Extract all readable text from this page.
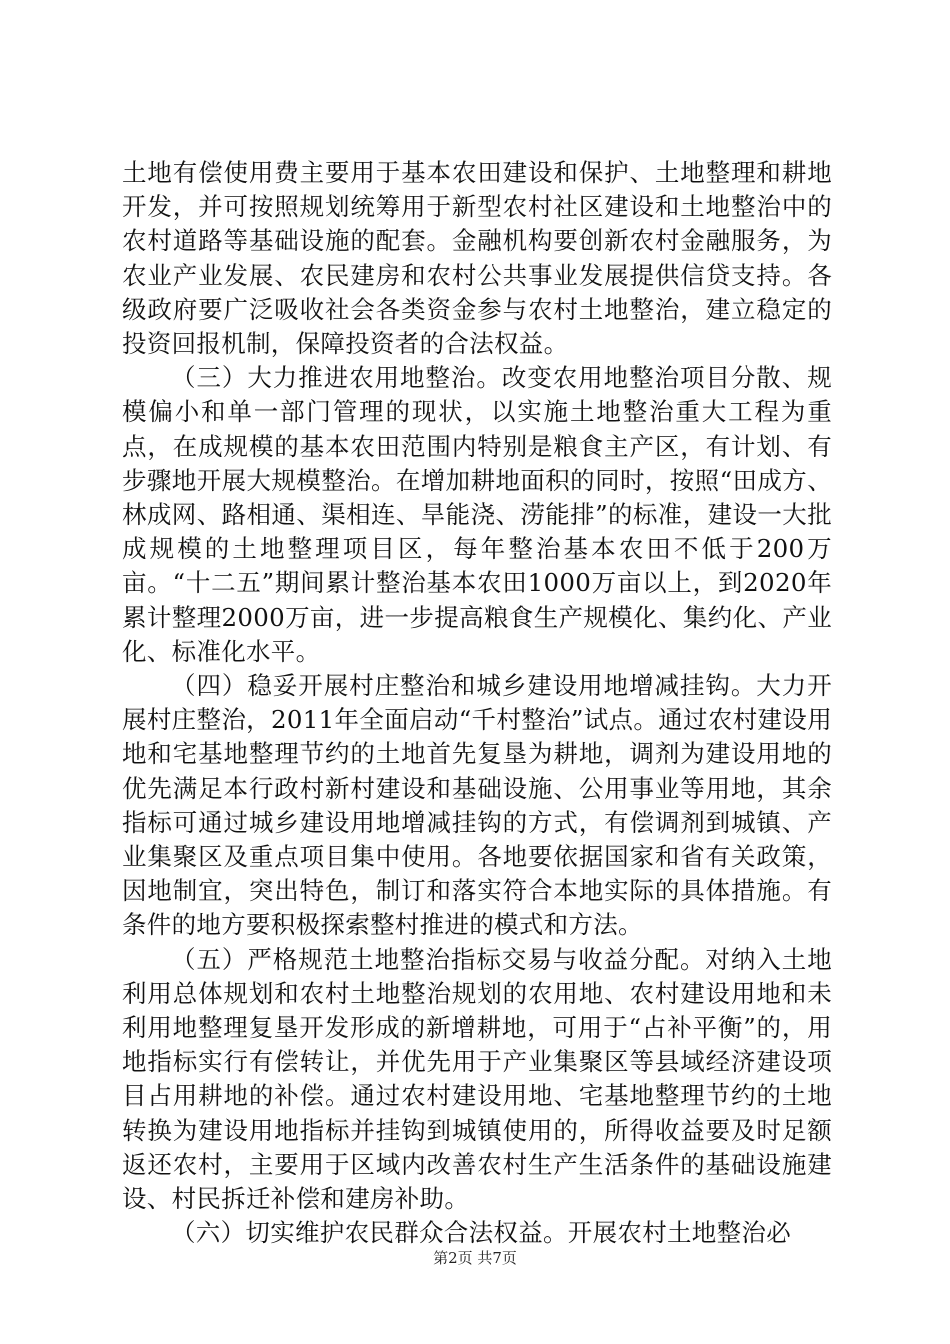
土地有偿使用费主要用于基本农田建设和保护、土地整理和耕地开发，并可按照规划统筹用于新型农村社区建设和土地整治中的农村道路等基础设施的配套。金融机构要创新农村金融服务，为农业产业发展、农民建房和农村公共事业发展提供信贷支持。各级政府要广泛吸收社会各类资金参与农村土地整治，建立稳定的投资回报机制，保障投资者的合法权益。

（三）大力推进农用地整治。改变农用地整治项目分散、规模偏小和单一部门管理的现状，以实施土地整治重大工程为重点，在成规模的基本农田范围内特别是粮食主产区，有计划、有步骤地开展大规模整治。在增加耕地面积的同时，按照“田成方、林成网、路相通、渠相连、旱能浇、涝能排”的标准，建设一大批成规模的土地整理项目区，每年整治基本农田不低于200万亩。“十二五”期间累计整治基本农田1000万亩以上，到2020年累计整理2000万亩，进一步提高粮食生产规模化、集约化、产业化、标准化水平。

（四）稳妥开展村庄整治和城乡建设用地增减挂钩。大力开展村庄整治，2011年全面启动“千村整治”试点。通过农村建设用地和宅基地整理节约的土地首先复垦为耕地，调剂为建设用地的优先满足本行政村新村建设和基础设施、公用事业等用地，其余指标可通过城乡建设用地增减挂钩的方式，有偿调剂到城镇、产业集聚区及重点项目集中使用。各地要依据国家和省有关政策，因地制宜，突出特色，制订和落实符合本地实际的具体措施。有条件的地方要积极探索整村推进的模式和方法。

（五）严格规范土地整治指标交易与收益分配。对纳入土地利用总体规划和农村土地整治规划的农用地、农村建设用地和未利用地整理复垦开发形成的新增耕地，可用于“占补平衡”的，用地指标实行有偿转让，并优先用于产业集聚区等县域经济建设项目占用耕地的补偿。通过农村建设用地、宅基地整理节约的土地转换为建设用地指标并挂钩到城镇使用的，所得收益要及时足额返还农村，主要用于区域内改善农村生产生活条件的基础设施建设、村民拆迁补偿和建房补助。

（六）切实维护农民群众合法权益。开展农村土地整治必

第2页 共7页
